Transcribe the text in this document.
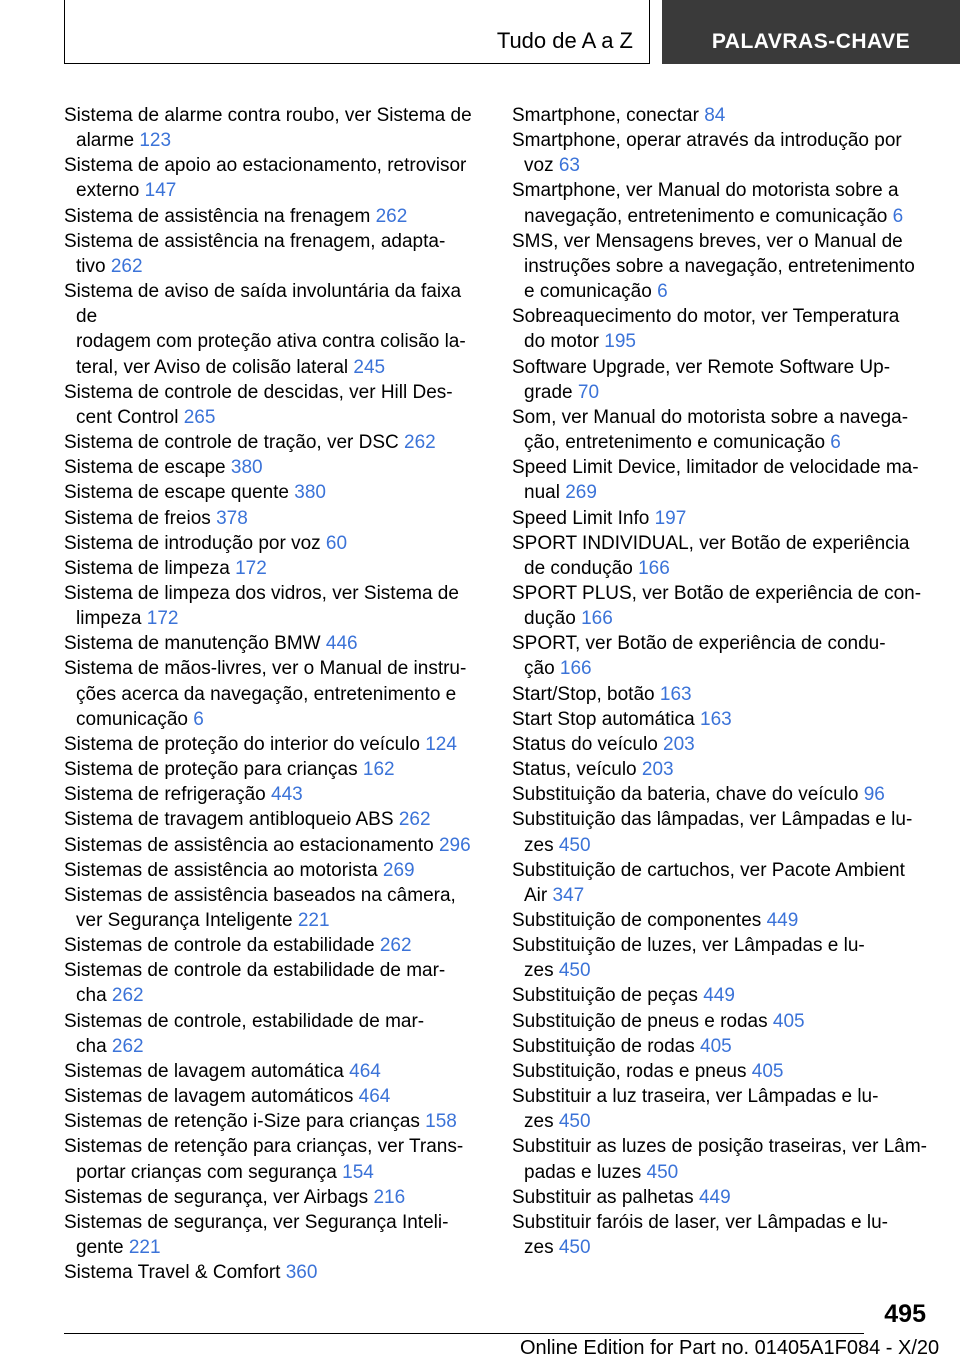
Tudo de A a Z	PALAVRAS-CHAVE
Sistema de alarme contra roubo, ver Sistema de
alarme 123
Sistema de apoio ao estacionamento, retrovisor
externo 147
Sistema de assistência na frenagem 262
Sistema de assistência na frenagem, adapta-
tivo 262
Sistema de aviso de saída involuntária da faixa de
rodagem com proteção ativa contra colisão la-
teral, ver Aviso de colisão lateral 245
Sistema de controle de descidas, ver Hill Des-
cent Control 265
Sistema de controle de tração, ver DSC 262
Sistema de escape 380
Sistema de escape quente 380
Sistema de freios 378
Sistema de introdução por voz 60
Sistema de limpeza 172
Sistema de limpeza dos vidros, ver Sistema de
limpeza 172
Sistema de manutenção BMW 446
Sistema de mãos-livres, ver o Manual de instru-
ções acerca da navegação, entretenimento e
comunicação 6
Sistema de proteção do interior do veículo 124
Sistema de proteção para crianças 162
Sistema de refrigeração 443
Sistema de travagem antibloqueio ABS 262
Sistemas de assistência ao estacionamento 296
Sistemas de assistência ao motorista 269
Sistemas de assistência baseados na câmera,
ver Segurança Inteligente 221
Sistemas de controle da estabilidade 262
Sistemas de controle da estabilidade de mar-
cha 262
Sistemas de controle, estabilidade de mar-
cha 262
Sistemas de lavagem automática 464
Sistemas de lavagem automáticos 464
Sistemas de retenção i-Size para crianças 158
Sistemas de retenção para crianças, ver Trans-
portar crianças com segurança 154
Sistemas de segurança, ver Airbags 216
Sistemas de segurança, ver Segurança Inteli-
gente 221
Sistema Travel & Comfort 360
Smartphone, conectar 84
Smartphone, operar através da introdução por
voz 63
Smartphone, ver Manual do motorista sobre a
navegação, entretenimento e comunicação 6
SMS, ver Mensagens breves, ver o Manual de
instruções sobre a navegação, entretenimento
e comunicação 6
Sobreaquecimento do motor, ver Temperatura
do motor 195
Software Upgrade, ver Remote Software Up-
grade 70
Som, ver Manual do motorista sobre a navega-
ção, entretenimento e comunicação 6
Speed Limit Device, limitador de velocidade ma-
nual 269
Speed Limit Info 197
SPORT INDIVIDUAL, ver Botão de experiência
de condução 166
SPORT PLUS, ver Botão de experiência de con-
dução 166
SPORT, ver Botão de experiência de condu-
ção 166
Start/Stop, botão 163
Start Stop automática 163
Status do veículo 203
Status, veículo 203
Substituição da bateria, chave do veículo 96
Substituição das lâmpadas, ver Lâmpadas e lu-
zes 450
Substituição de cartuchos, ver Pacote Ambient
Air 347
Substituição de componentes 449
Substituição de luzes, ver Lâmpadas e lu-
zes 450
Substituição de peças 449
Substituição de pneus e rodas 405
Substituição de rodas 405
Substituição, rodas e pneus 405
Substituir a luz traseira, ver Lâmpadas e lu-
zes 450
Substituir as luzes de posição traseiras, ver Lâm-
padas e luzes 450
Substituir as palhetas 449
Substituir faróis de laser, ver Lâmpadas e lu-
zes 450
495
Online Edition for Part no. 01405A1F084 - X/20
